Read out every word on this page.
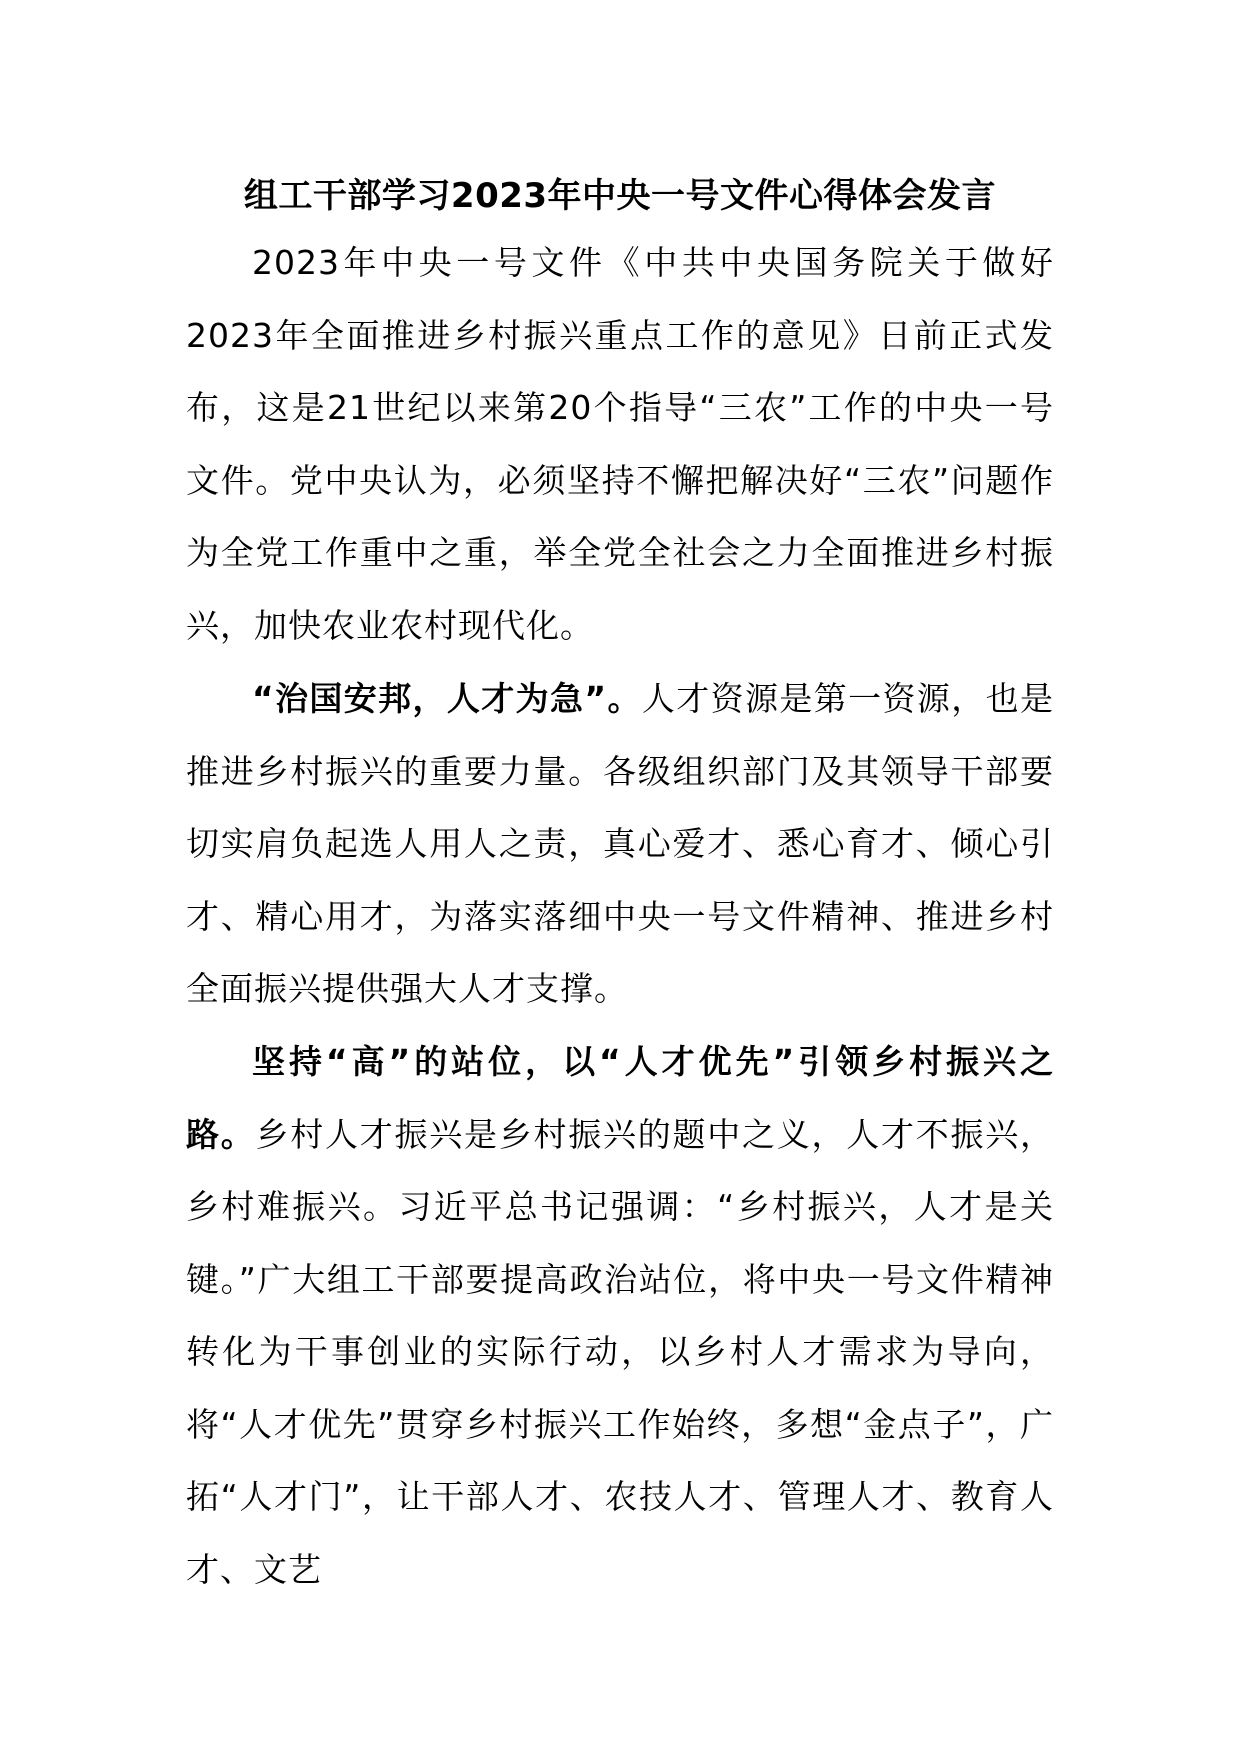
组工干部学习2023年中央一号文件心得体会发言

2023年中央一号文件《中共中央国务院关于做好2023年全面推进乡村振兴重点工作的意见》日前正式发布，这是21世纪以来第20个指导“三农”工作的中央一号文件。党中央认为，必须坚持不懈把解决好“三农”问题作为全党工作重中之重，举全党全社会之力全面推进乡村振兴，加快农业农村现代化。

“治国安邦，人才为急”。人才资源是第一资源，也是推进乡村振兴的重要力量。各级组织部门及其领导干部要切实肩负起选人用人之责，真心爱才、悉心育才、倾心引才、精心用才，为落实落细中央一号文件精神、推进乡村全面振兴提供强大人才支撑。

坚持“高”的站位，以“人才优先”引领乡村振兴之路。乡村人才振兴是乡村振兴的题中之义，人才不振兴，乡村难振兴。习近平总书记强调：“乡村振兴，人才是关键。”广大组工干部要提高政治站位，将中央一号文件精神转化为干事创业的实际行动，以乡村人才需求为导向，将“人才优先”贯穿乡村振兴工作始终，多想“金点子”，广拓“人才门”，让干部人才、农技人才、管理人才、教育人才、文艺
